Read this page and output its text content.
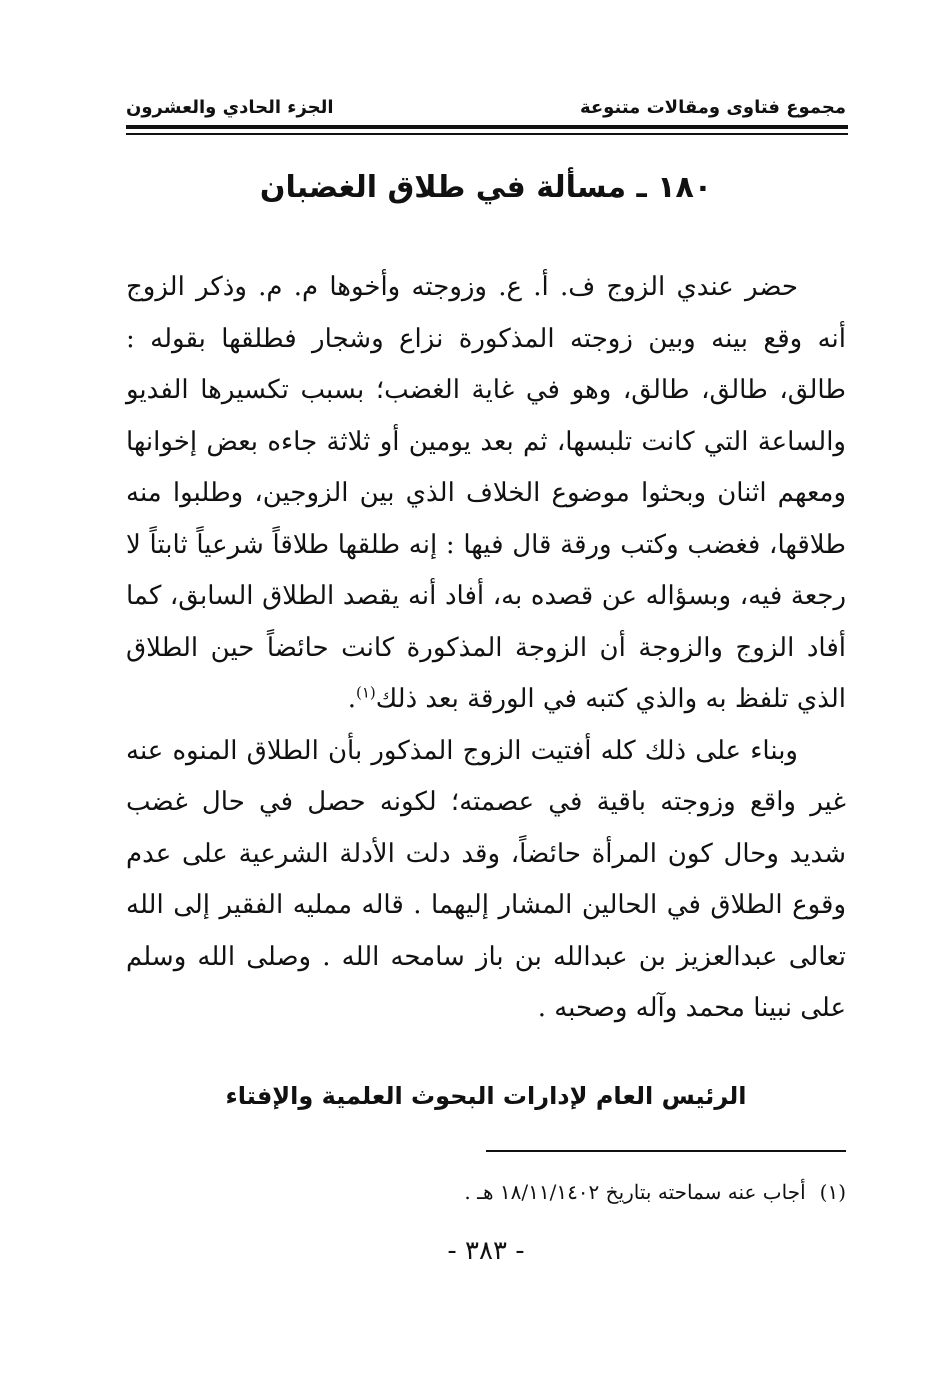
مجموع فتاوى ومقالات متنوعة
الجزء الحادي والعشرون
١٨٠ ـ مسألة في طلاق الغضبان

حضر عندي الزوج ف. أ. ع. وزوجته وأخوها م. م. وذكر الزوج أنه وقع بينه وبين زوجته المذكورة نزاع وشجار فطلقها بقوله : طالق، طالق، طالق، وهو في غاية الغضب؛ بسبب تكسيرها الفديو والساعة التي كانت تلبسها، ثم بعد يومين أو ثلاثة جاءه بعض إخوانها ومعهم اثنان وبحثوا موضوع الخلاف الذي بين الزوجين، وطلبوا منه طلاقها، فغضب وكتب ورقة قال فيها : إنه طلقها طلاقاً شرعياً ثابتاً لا رجعة فيه، وبسؤاله عن قصده به، أفاد أنه يقصد الطلاق السابق، كما أفاد الزوج والزوجة أن الزوجة المذكورة كانت حائضاً حين الطلاق الذي تلفظ به والذي كتبه في الورقة بعد ذلك$^{(١)}$.

وبناء على ذلك كله أفتيت الزوج المذكور بأن الطلاق المنوه عنه غير واقع وزوجته باقية في عصمته؛ لكونه حصل في حال غضب شديد وحال كون المرأة حائضاً، وقد دلت الأدلة الشرعية على عدم وقوع الطلاق في الحالين المشار إليهما . قاله مملیه الفقير إلى الله تعالى عبدالعزيز بن عبدالله بن باز سامحه الله . وصلى الله وسلم على نبينا محمد وآله وصحبه .

الرئيس العام لإدارات البحوث العلمية والإفتاء
(١)
أجاب عنه سماحته بتاريخ ١٨/١١/١٤٠٢ هـ .
- ٣٨٣ -
